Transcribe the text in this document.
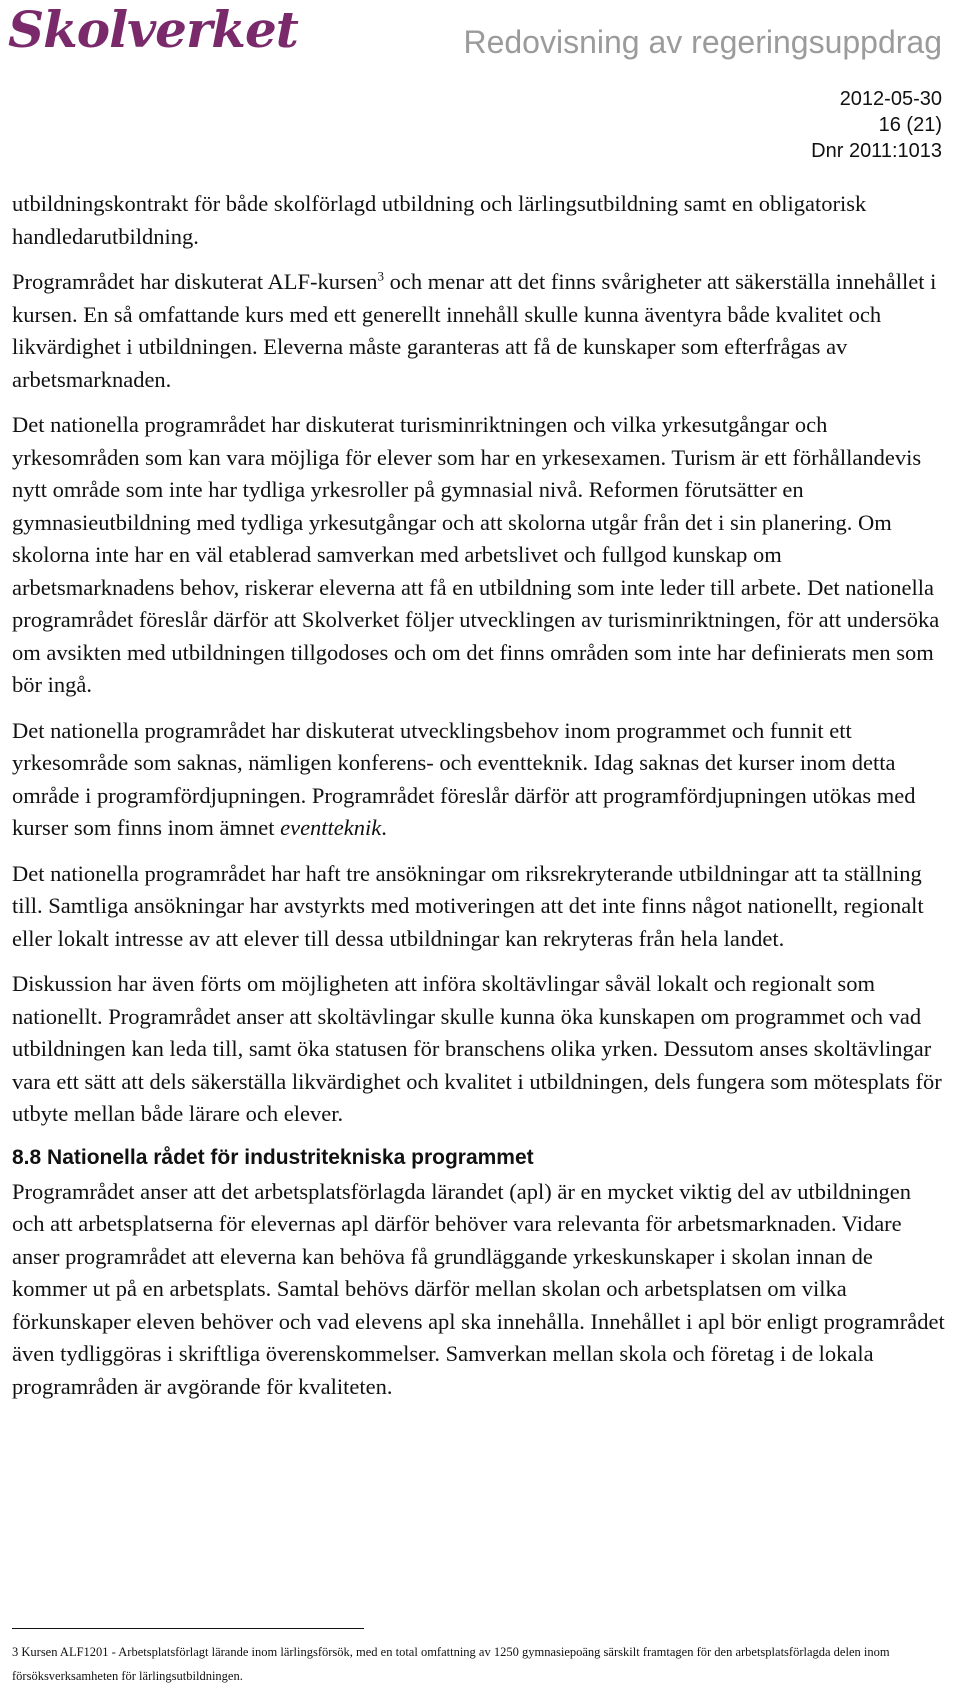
Skolverket	Redovisning av regeringsuppdrag
2012-05-30
16 (21)
Dnr 2011:1013

utbildningskontrakt för både skolförlagd utbildning och lärlingsutbildning samt en obligatorisk handledarutbildning.

Programrådet har diskuterat ALF-kursen$^3$ och menar att det finns svårigheter att säkerställa innehållet i kursen. En så omfattande kurs med ett generellt innehåll skulle kunna äventyra både kvalitet och likvärdighet i utbildningen. Eleverna måste garanteras att få de kunskaper som efterfrågas av arbetsmarknaden.

Det nationella programrådet har diskuterat turisminriktningen och vilka yrkesutgångar och yrkesområden som kan vara möjliga för elever som har en yrkesexamen. Turism är ett förhållandevis nytt område som inte har tydliga yrkesroller på gymnasial nivå. Reformen förutsätter en gymnasieutbildning med tydliga yrkesutgångar och att skolorna utgår från det i sin planering. Om skolorna inte har en väl etablerad samverkan med arbetslivet och fullgod kunskap om arbetsmarknadens behov, riskerar eleverna att få en utbildning som inte leder till arbete. Det nationella programrådet föreslår därför att Skolverket följer utvecklingen av turisminriktningen, för att undersöka om avsikten med utbildningen tillgodoses och om det finns områden som inte har definierats men som bör ingå.

Det nationella programrådet har diskuterat utvecklingsbehov inom programmet och funnit ett yrkesområde som saknas, nämligen konferens- och eventteknik. Idag saknas det kurser inom detta område i programfördjupningen. Programrådet föreslår därför att programfördjupningen utökas med kurser som finns inom ämnet eventteknik.

Det nationella programrådet har haft tre ansökningar om riksrekryterande utbildningar att ta ställning till. Samtliga ansökningar har avstyrkts med motiveringen att det inte finns något nationellt, regionalt eller lokalt intresse av att elever till dessa utbildningar kan rekryteras från hela landet.

Diskussion har även förts om möjligheten att införa skoltävlingar såväl lokalt och regionalt som nationellt. Programrådet anser att skoltävlingar skulle kunna öka kunskapen om programmet och vad utbildningen kan leda till, samt öka statusen för branschens olika yrken. Dessutom anses skoltävlingar vara ett sätt att dels säkerställa likvärdighet och kvalitet i utbildningen, dels fungera som mötesplats för utbyte mellan både lärare och elever.

8.8 Nationella rådet för industritekniska programmet

Programrådet anser att det arbetsplatsförlagda lärandet (apl) är en mycket viktig del av utbildningen och att arbetsplatserna för elevernas apl därför behöver vara relevanta för arbetsmarknaden. Vidare anser programrådet att eleverna kan behöva få grundläggande yrkeskunskaper i skolan innan de kommer ut på en arbetsplats. Samtal behövs därför mellan skolan och arbetsplatsen om vilka förkunskaper eleven behöver och vad elevens apl ska innehålla. Innehållet i apl bör enligt programrådet även tydliggöras i skriftliga överenskommelser. Samverkan mellan skola och företag i de lokala programråden är avgörande för kvaliteten.

3 Kursen ALF1201 - Arbetsplatsförlagt lärande inom lärlingsförsök, med en total omfattning av 1250 gymnasiepoäng särskilt framtagen för den arbetsplatsförlagda delen inom försöksverksamheten för lärlingsutbildningen.
